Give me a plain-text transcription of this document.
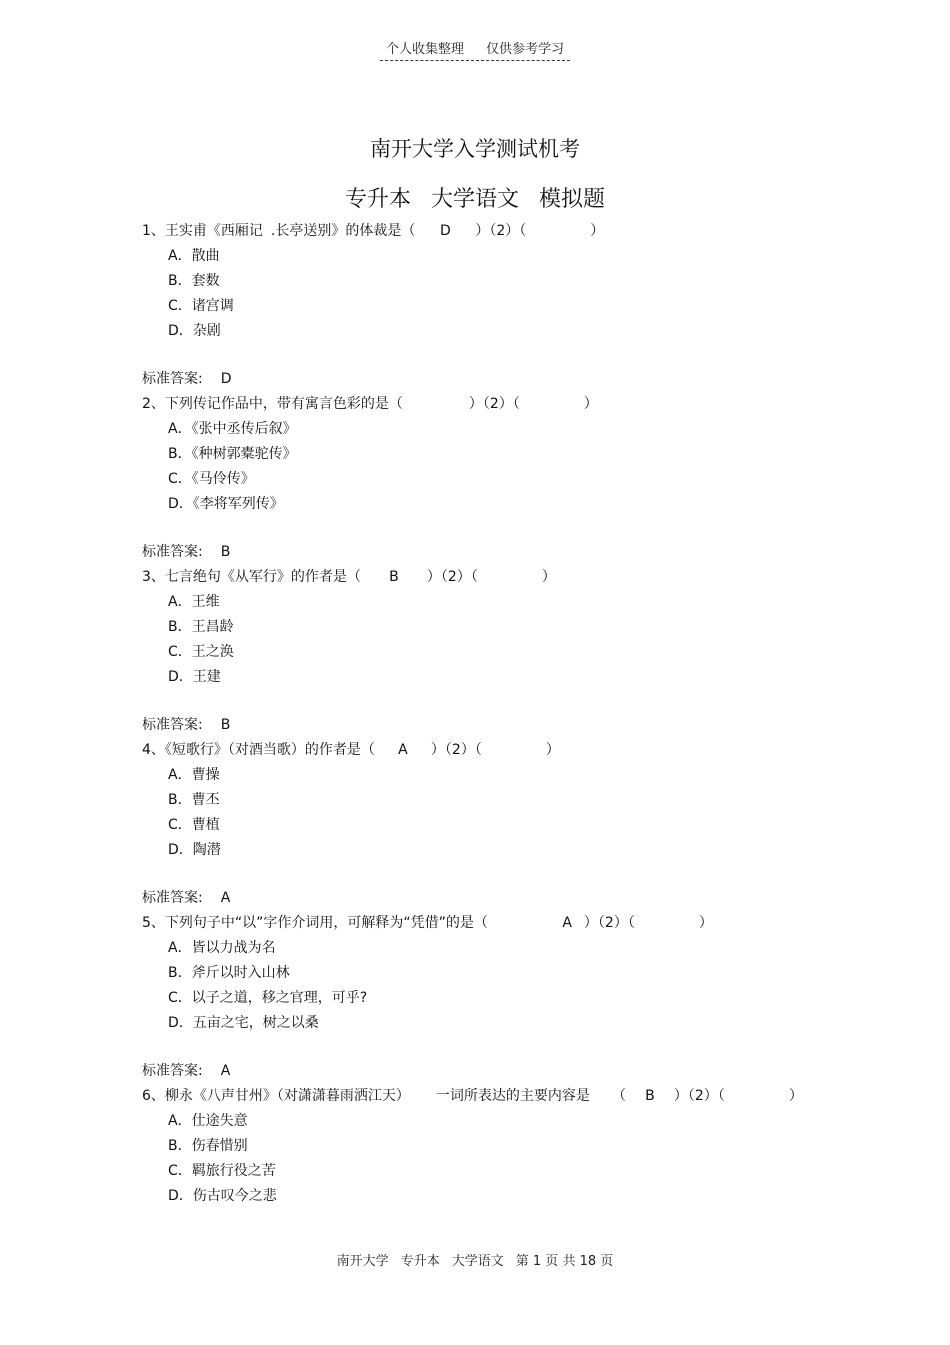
个人收集整理 仅供参考学习
南开大学入学测试机考
专升本 大学语文 模拟题
1、王实甫《西厢记 .长亭送别》的体裁是（ D ）（2）（	）
A．散曲
B．套数
C．诸宫调
D．杂剧
标准答案: D
2、下列传记作品中，带有寓言色彩的是（	）（2）（	）
A．《张中丞传后叙》
B．《种树郭橐驼传》
C．《马伶传》
D．《李将军列传》
标准答案: B
3、七言绝句《从军行》的作者是（ B ）（2）（	）
A．王维
B．王昌龄
C．王之涣
D．王建
标准答案: B
4、《短歌行》（对酒当歌）的作者是（ A ）（2）（	）
A．曹操
B．曹丕
C．曹植
D．陶潜
标准答案: A
5、下列句子中“以”字作介词用，可解释为“凭借”的是（	A ）（2）（	）
A．皆以力战为名
B．斧斤以时入山林
C．以子之道，移之官理，可乎?
D．五亩之宅，树之以桑
标准答案: A
6、柳永《八声甘州》（对潇潇暮雨洒江天） 一词所表达的主要内容是 （ B ）（2）（	）
A．仕途失意
B．伤春惜别
C．羁旅行役之苦
D．伤古叹今之悲
南开大学 专升本 大学语文 第 1 页 共 18 页
